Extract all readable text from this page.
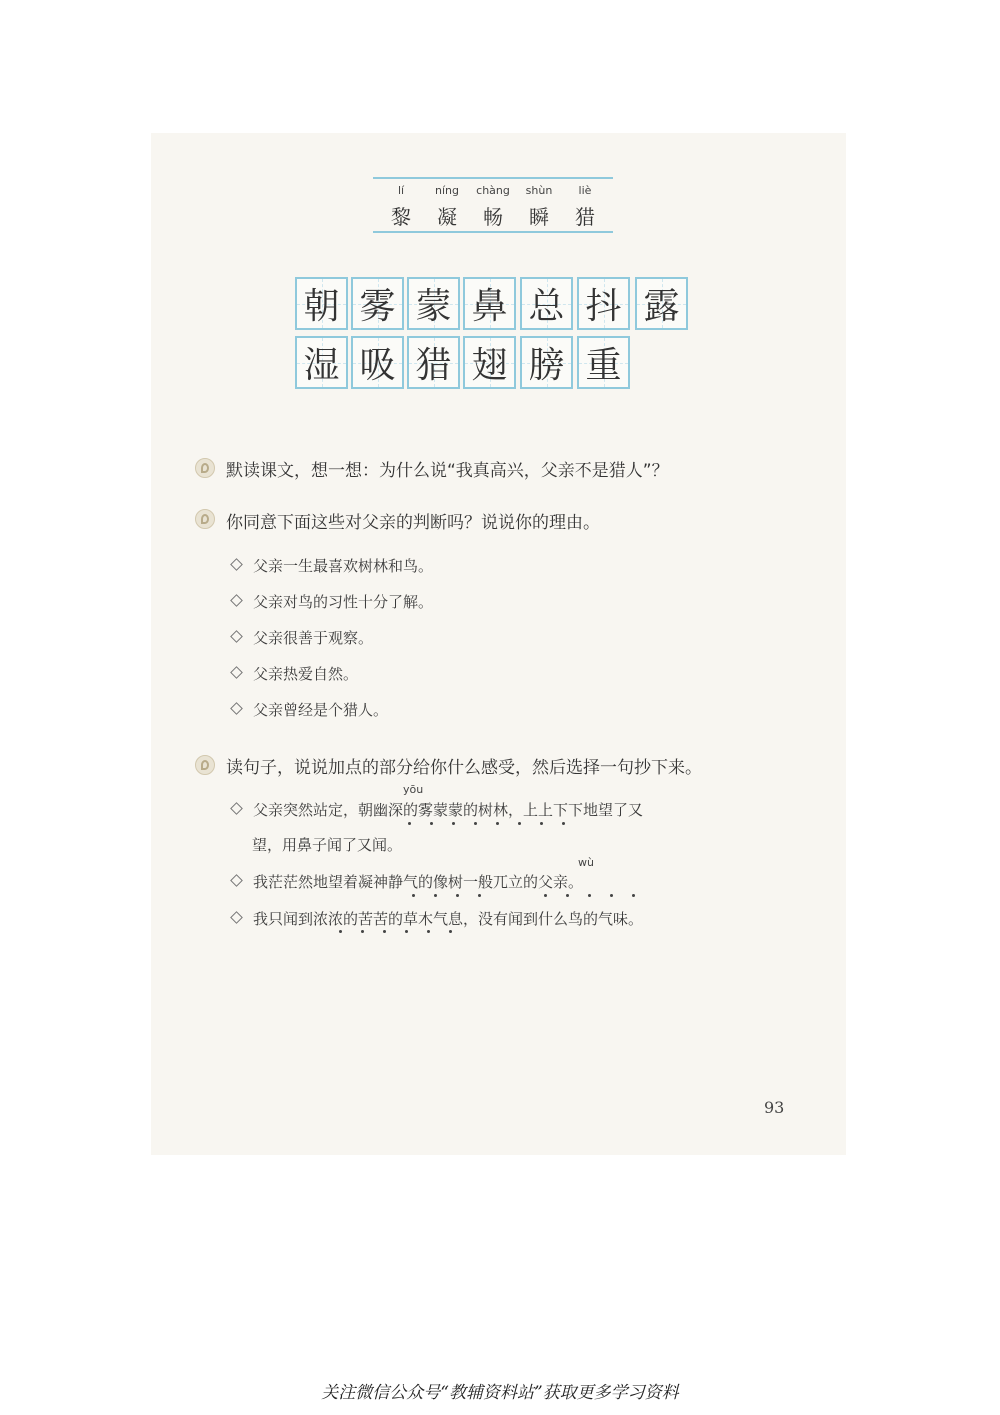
lí
黎
níng
凝
chàng
畅
shùn
瞬
liè
猎
朝 雾 蒙 鼻 总 抖 露
湿 吸 猎 翅 膀 重
默读课文，想一想：为什么说“我真高兴，父亲不是猎人”？
你同意下面这些对父亲的判断吗？说说你的理由。
父亲一生最喜欢树林和鸟。
父亲对鸟的习性十分了解。
父亲很善于观察。
父亲热爱自然。
父亲曾经是个猎人。
读句子，说说加点的部分给你什么感受，然后选择一句抄下来。
yōu
父亲突然站定，朝幽深的雾蒙蒙的树林，上上下下地望了又
望，用鼻子闻了又闻。
wù
我茫茫然地望着凝神静气的像树一般兀立的父亲。
我只闻到浓浓的苦苦的草木气息，没有闻到什么鸟的气味。
93
关注微信公众号“教辅资料站”获取更多学习资料
